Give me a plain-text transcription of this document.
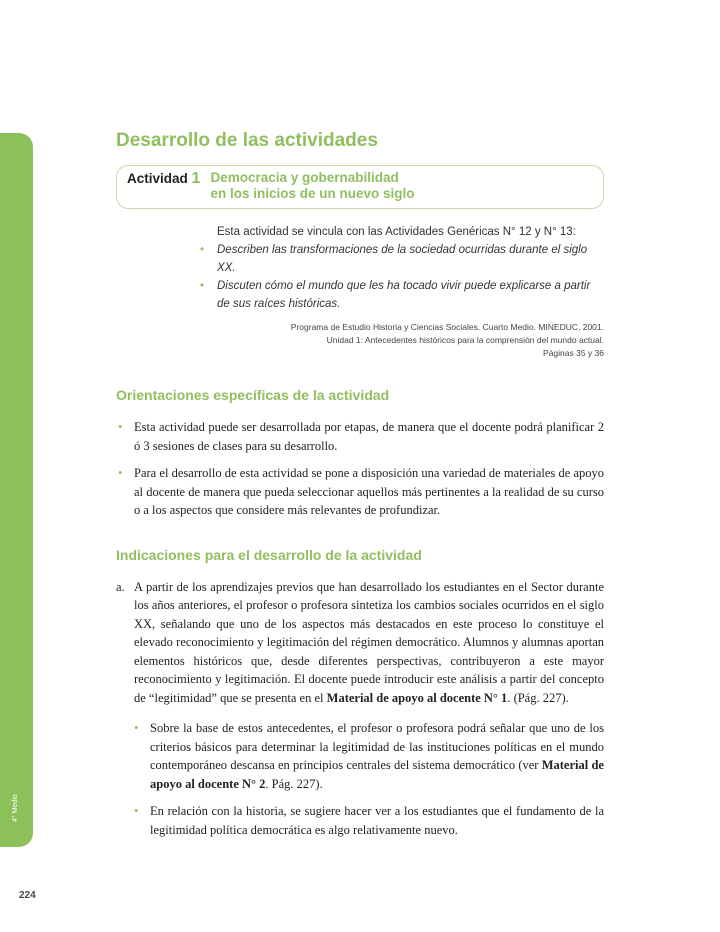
4° Medio
224
Desarrollo de las actividades
Actividad 1 Democracia y gobernabilidad
en los inicios de un nuevo siglo
Esta actividad se vincula con las Actividades Genéricas N° 12 y N° 13:
• Describen las transformaciones de la sociedad ocurridas durante el siglo XX.
• Discuten cómo el mundo que les ha tocado vivir puede explicarse a partir de sus raíces históricas.
Programa de Estudio Historia y Ciencias Sociales. Cuarto Medio. MINEDUC, 2001.
Unidad 1: Antecedentes históricos para la comprensión del mundo actual.
Páginas 35 y 36
Orientaciones específicas de la actividad
• Esta actividad puede ser desarrollada por etapas, de manera que el docente podrá planificar 2 ó 3 sesiones de clases para su desarrollo.
• Para el desarrollo de esta actividad se pone a disposición una variedad de materiales de apoyo al docente de manera que pueda seleccionar aquellos más pertinentes a la realidad de su curso o a los aspectos que considere más relevantes de profundizar.
Indicaciones para el desarrollo de la actividad
a. A partir de los aprendizajes previos que han desarrollado los estudiantes en el Sector durante los años anteriores, el profesor o profesora sintetiza los cambios sociales ocurridos en el siglo XX, señalando que uno de los aspectos más destacados en este proceso lo constituye el elevado reconocimiento y legitimación del régimen democrático. Alumnos y alumnas aportan elementos históricos que, desde diferentes perspectivas, contribuyeron a este mayor reconocimiento y legitimación. El docente puede introducir este análisis a partir del concepto de “legitimidad” que se presenta en el Material de apoyo al docente N° 1. (Pág. 227).
• Sobre la base de estos antecedentes, el profesor o profesora podrá señalar que uno de los criterios básicos para determinar la legitimidad de las instituciones políticas en el mundo contemporáneo descansa en principios centrales del sistema democrático (ver Material de apoyo al docente N° 2. Pág. 227).
• En relación con la historia, se sugiere hacer ver a los estudiantes que el fundamento de la legitimidad política democrática es algo relativamente nuevo.
